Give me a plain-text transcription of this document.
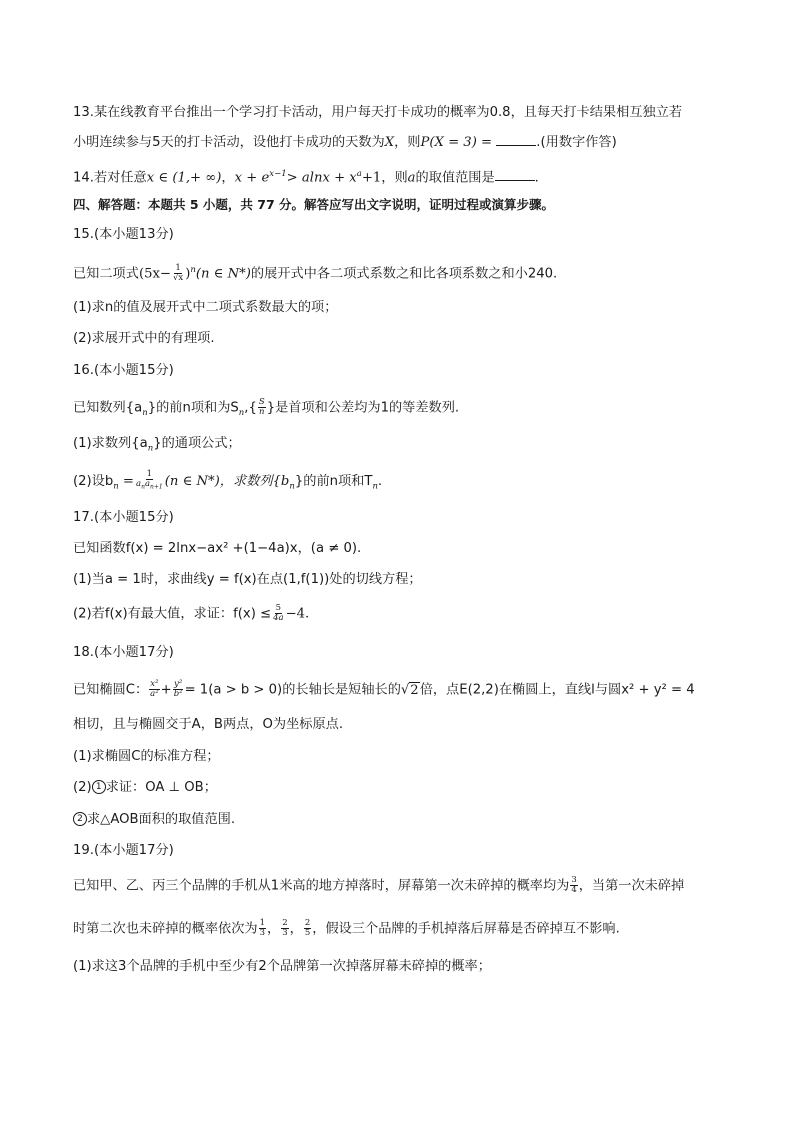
13.某在线教育平台推出一个学习打卡活动，用户每天打卡成功的概率为0.8，且每天打卡结果相互独立若
小明连续参与5天的打卡活动，设他打卡成功的天数为X，则P(X = 3) =	.(用数字作答)
14.若对任意x ∈ (1,+ ∞)，$x + e^{x-1}> alnx + x^a+1$，则a的取值范围是	.
四、解答题：本题共 5 小题，共 77 分。解答应写出文字说明，证明过程或演算步骤。
15.(本小题13分)
已知二项式$(5x- \frac{1}{√x} )^n(n$ ∈ N*)的展开式中各二项式系数之和比各项系数之和小240.
(1)求n的值及展开式中二项式系数最大的项；
(2)求展开式中的有理项.
16.(本小题15分)
已知数列$\{a_n\}$的前n项和为$S_n,\{ \frac{S}{n}$ }是首项和公差均为1的等差数列.
(1)求数列$\{a_n\}$的通项公式；
(2)设$b_n = \frac{1}{a_na_{n+1}} (n$ ∈ N*)，求数列$\{b_n\}$的前n项和$T_n$.
17.(本小题15分)
已知函数f(x) = 2lnx−ax² +(1−4a)x，(a ≠ 0).
(1)当a = 1时，求曲线y = f(x)在点(1,f(1))处的切线方程；
(2)若f(x)有最大值，求证：$f(x) \le \frac{5}{4a} -4$.
18.(本小题17分)
已知椭圆C： $\frac{\text{x²}}{\text{a²}} + \frac{\text{y²}}{\text{b²}} = 1(a > b > 0)$的长轴长是短轴长的√2倍，点E(2,2)在椭圆上，直线l与圆x² + y² = 4
相切，且与椭圆交于A，B两点，O为坐标原点.
(1)求椭圆C的标准方程；
(2) 1 求证：OA ⊥ OB；
2 求△AOB面积的取值范围.
19.(本小题17分)
已知甲、乙、丙三个品牌的手机从1米高的地方掉落时，屏幕第一次未碎掉的概率均为 $\frac{3}{4}$ ，当第一次未碎掉
时第二次也未碎掉的概率依次为 $\frac{1}{3}$ ， $\frac{2}{3}$ ， $\frac{2}{5}$ ，假设三个品牌的手机掉落后屏幕是否碎掉互不影响.
(1)求这3个品牌的手机中至少有2个品牌第一次掉落屏幕未碎掉的概率；
